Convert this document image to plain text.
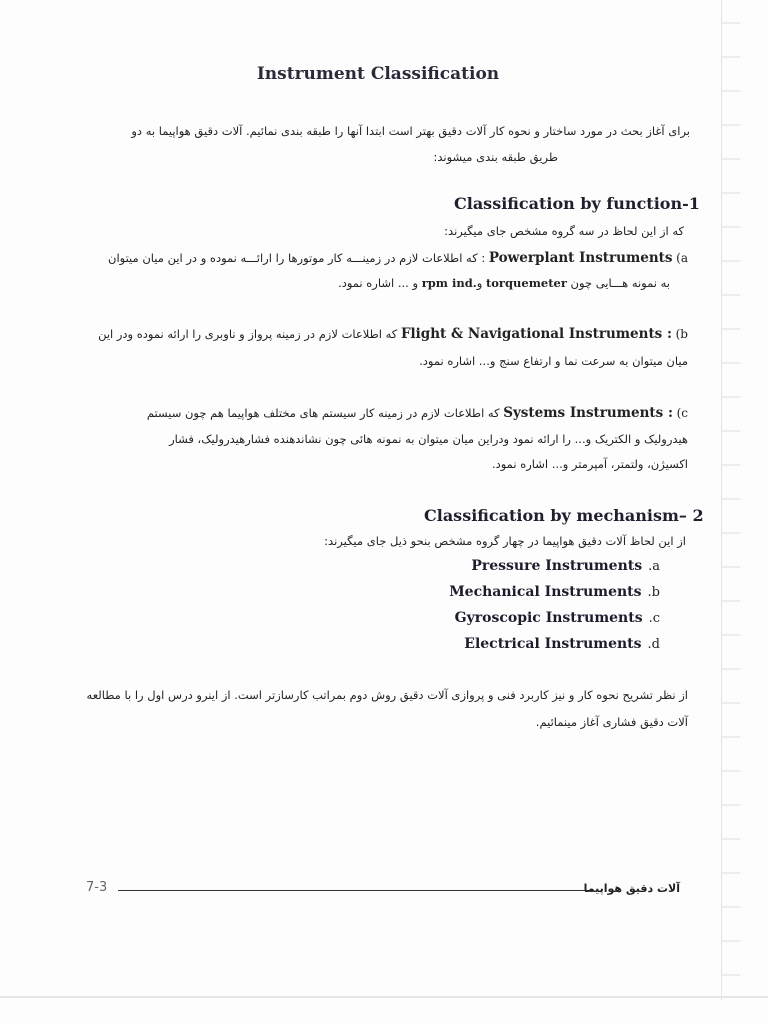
Instrument Classification
برای آغاز بحث در مورد ساختار و نحوه کار آلات دقیق بهتر است ابتدا آنها را طبقه بندی نمائیم. آلات دقیق هواپیما به دو
طریق طبقه بندی میشوند:
Classification by function-1
که از این لحاظ در سه گروه مشخص جای میگیرند:
(a Powerplant Instruments : که اطلاعات لازم در زمینـــه کار موتورها را ارائـــه نموده و در این میان میتوان
به نمونه هـــایی چون torquemeter وrpm ind. و ... اشاره نمود.
(b Flight & Navigational Instruments : که اطلاعات لازم در زمینه پرواز و ناوبری را ارائه نموده ودر این
میان میتوان به سرعت نما و ارتفاع سنج و... اشاره نمود.
(c Systems Instruments : که اطلاعات لازم در زمینه کار سیستم های مختلف هواپیما هم چون سیستم
هیدرولیک و الکتریک و... را ارائه نمود ودراین میان میتوان به نمونه هائی چون نشاندهنده فشارهیدرولیک، فشار
اکسیژن، ولتمتر، آمپرمتر و... اشاره نمود.
Classification by mechanism– 2
از این لحاظ آلات دقیق هواپیما در چهار گروه مشخص بنحو ذیل جای میگیرند:
.a
Pressure Instruments
.b
Mechanical Instruments
.c
Gyroscopic Instruments
.d
Electrical Instruments
از نظر تشریح نحوه کار و نیز کاربرد فنی و پروازی آلات دقیق روش دوم بمراتب کارسازتر است. از اینرو درس اول را با مطالعه
آلات دقیق فشاری آغاز مینمائیم.
7-3	آلات دقیق هواپیما
